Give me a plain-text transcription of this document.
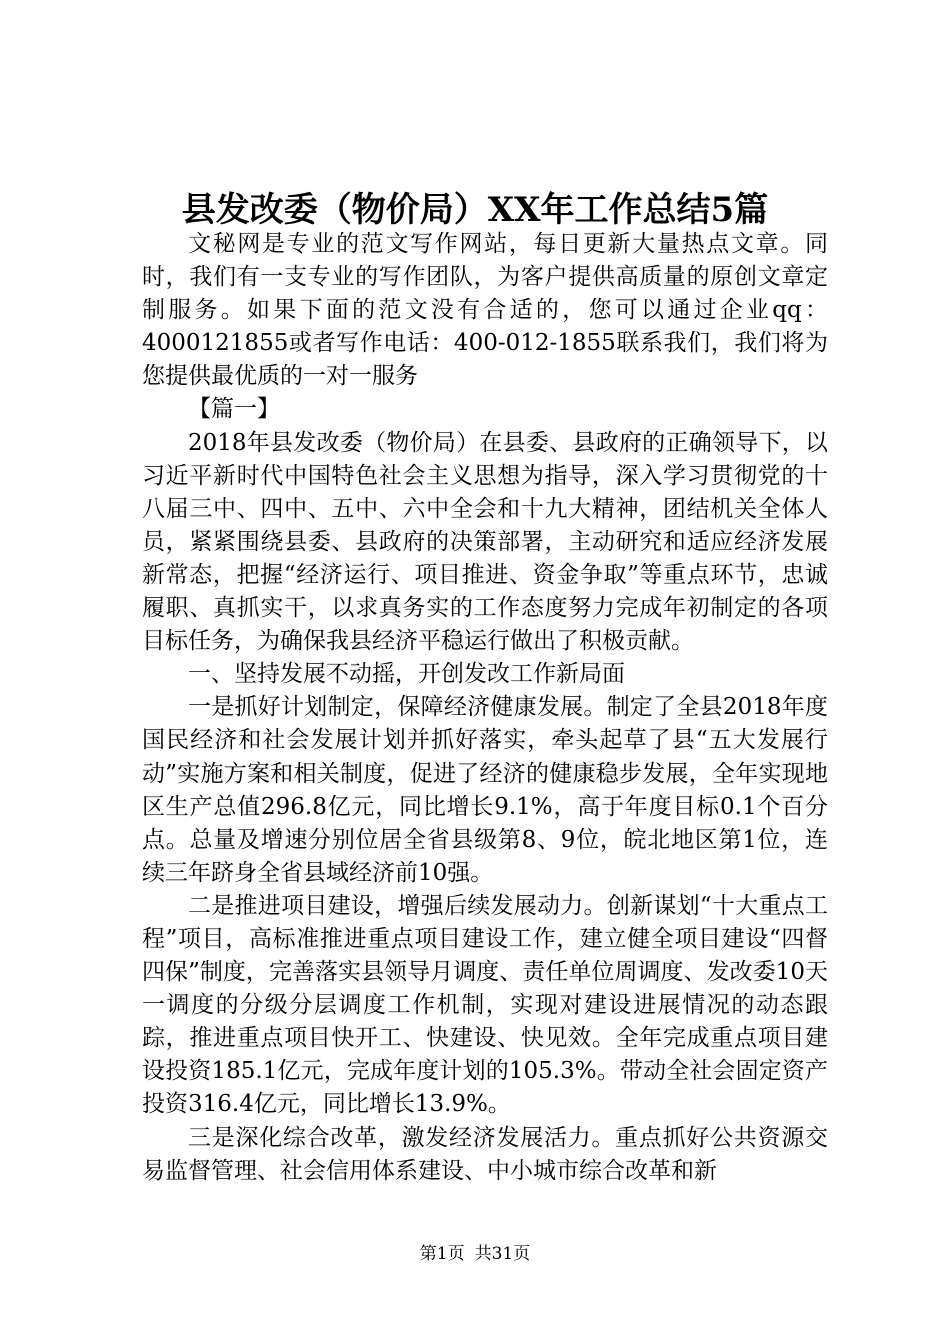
县发改委（物价局）XX年工作总结5篇

文秘网是专业的范文写作网站，每日更新大量热点文章。同时，我们有一支专业的写作团队，为客户提供高质量的原创文章定制服务。如果下面的范文没有合适的，您可以通过企业qq：4000121855或者写作电话：400-012-1855联系我们，我们将为您提供最优质的一对一服务

【篇一】

2018年县发改委（物价局）在县委、县政府的正确领导下，以习近平新时代中国特色社会主义思想为指导，深入学习贯彻党的十八届三中、四中、五中、六中全会和十九大精神，团结机关全体人员，紧紧围绕县委、县政府的决策部署，主动研究和适应经济发展新常态，把握“经济运行、项目推进、资金争取”等重点环节，忠诚履职、真抓实干，以求真务实的工作态度努力完成年初制定的各项目标任务，为确保我县经济平稳运行做出了积极贡献。

一、坚持发展不动摇，开创发改工作新局面

一是抓好计划制定，保障经济健康发展。制定了全县2018年度国民经济和社会发展计划并抓好落实，牵头起草了县“五大发展行动”实施方案和相关制度，促进了经济的健康稳步发展，全年实现地区生产总值296.8亿元，同比增长9.1%，高于年度目标0.1个百分点。总量及增速分别位居全省县级第8、9位，皖北地区第1位，连续三年跻身全省县域经济前10强。

二是推进项目建设，增强后续发展动力。创新谋划“十大重点工程”项目，高标准推进重点项目建设工作，建立健全项目建设“四督四保”制度，完善落实县领导月调度、责任单位周调度、发改委10天一调度的分级分层调度工作机制，实现对建设进展情况的动态跟踪，推进重点项目快开工、快建设、快见效。全年完成重点项目建设投资185.1亿元，完成年度计划的105.3%。带动全社会固定资产投资316.4亿元，同比增长13.9%。

三是深化综合改革，激发经济发展活力。重点抓好公共资源交易监督管理、社会信用体系建设、中小城市综合改革和新

第1页 共31页
